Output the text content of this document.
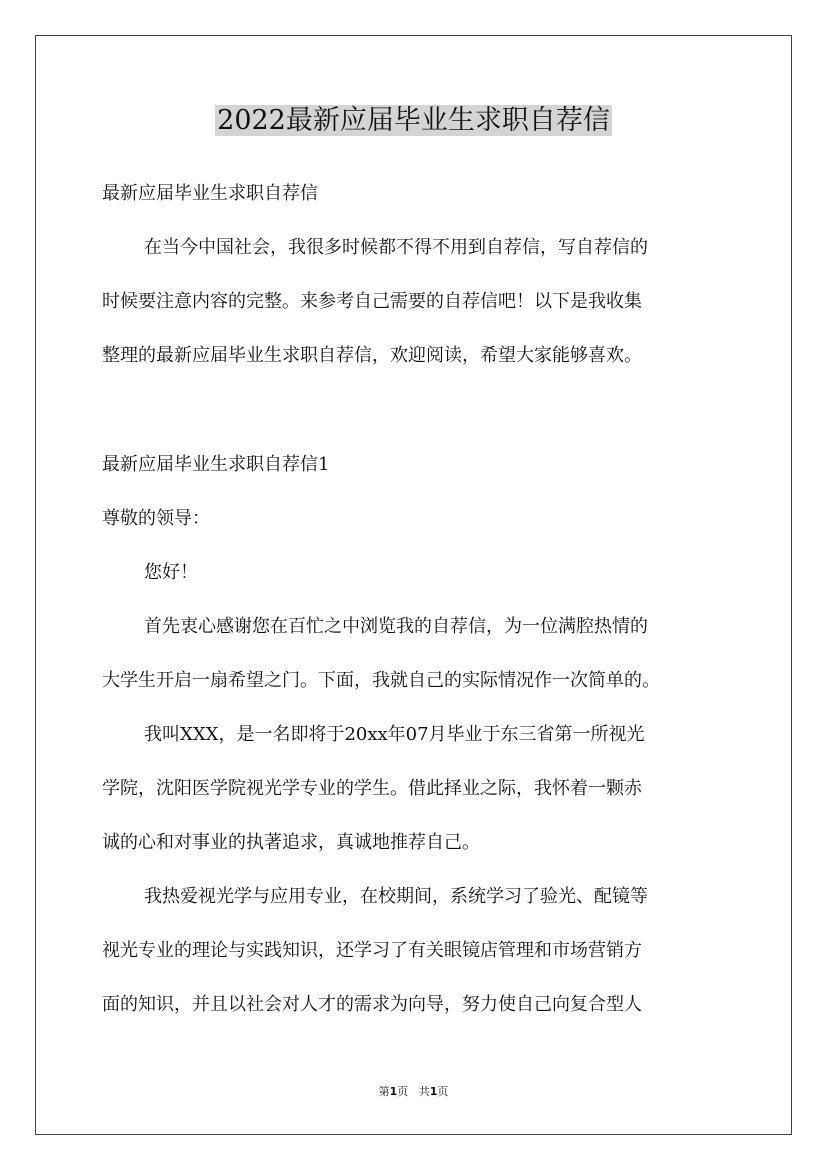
2022最新应届毕业生求职自荐信
最新应届毕业生求职自荐信
在当今中国社会，我很多时候都不得不用到自荐信，写自荐信的
时候要注意内容的完整。来参考自己需要的自荐信吧！以下是我收集
整理的最新应届毕业生求职自荐信，欢迎阅读，希望大家能够喜欢。
最新应届毕业生求职自荐信1
尊敬的领导：
您好！
首先衷心感谢您在百忙之中浏览我的自荐信，为一位满腔热情的
大学生开启一扇希望之门。下面，我就自己的实际情况作一次简单的。
我叫XXX，是一名即将于20xx年07月毕业于东三省第一所视光
学院，沈阳医学院视光学专业的学生。借此择业之际，我怀着一颗赤
诚的心和对事业的执著追求，真诚地推荐自己。
我热爱视光学与应用专业，在校期间，系统学习了验光、配镜等
视光专业的理论与实践知识，还学习了有关眼镜店管理和市场营销方
面的知识，并且以社会对人才的需求为向导，努力使自己向复合型人
第1页 共1页
